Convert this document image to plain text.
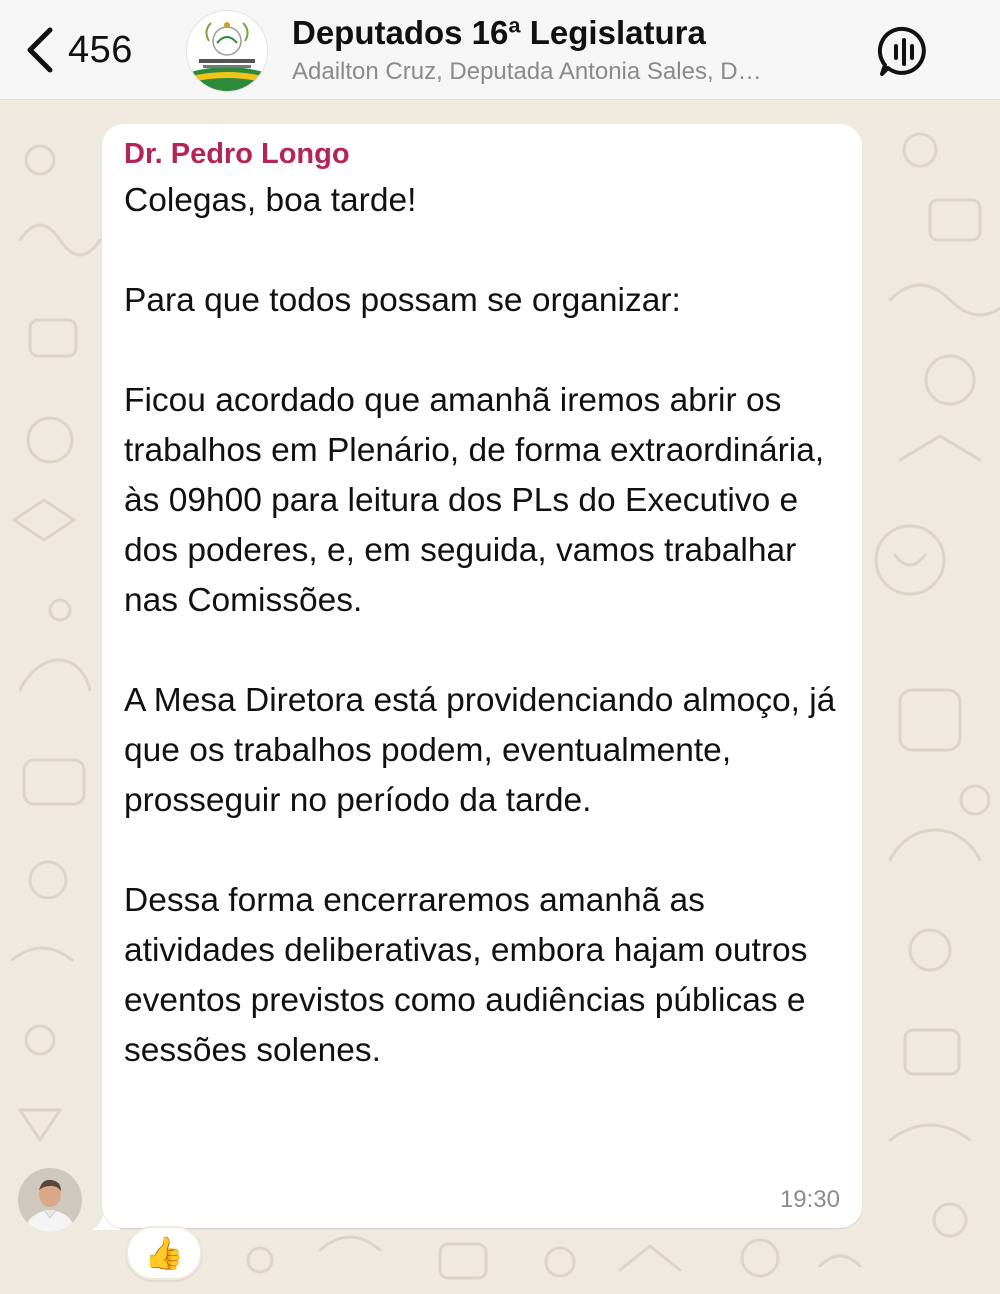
456	Deputados 16ª Legislatura
Adailton Cruz, Deputada Antonia Sales, D…
Dr. Pedro Longo
Colegas, boa tarde!

Para que todos possam se organizar:

Ficou acordado que amanhã iremos abrir os trabalhos em Plenário, de forma extraordinária, às 09h00 para leitura dos PLs do Executivo e dos poderes, e, em seguida, vamos trabalhar nas Comissões.

A Mesa Diretora está providenciando almoço, já que os trabalhos podem, eventualmente, prosseguir no período da tarde.

Dessa forma encerraremos amanhã as atividades deliberativas, embora hajam outros eventos previstos como audiências públicas e sessões solenes.
19:30
👍
